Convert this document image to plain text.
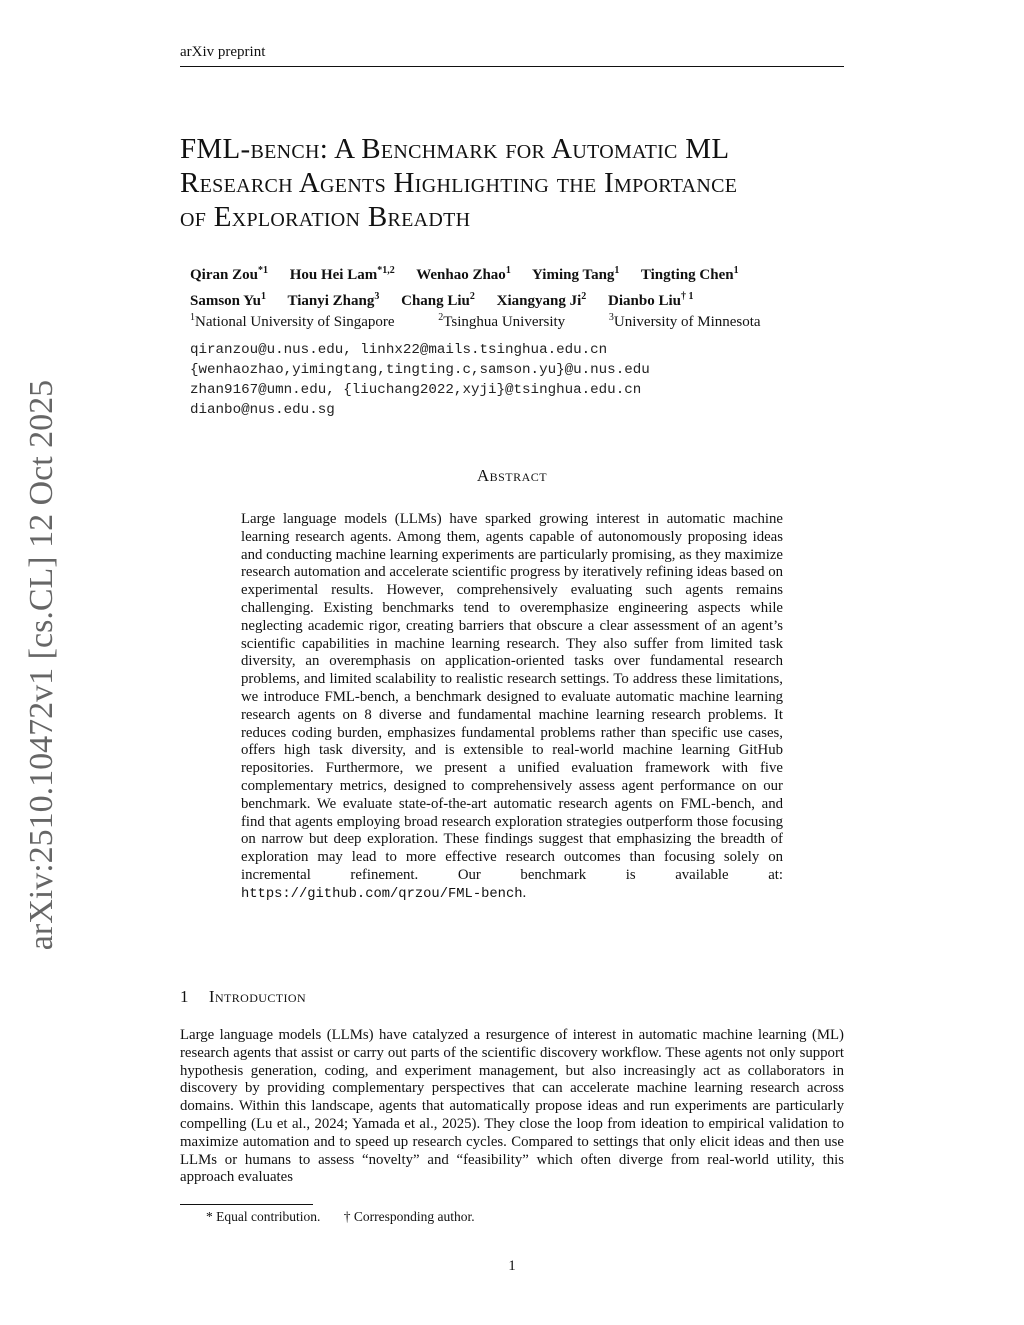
arXiv preprint
arXiv:2510.10472v1 [cs.CL] 12 Oct 2025
FML-bench: A Benchmark for Automatic ML
Research Agents Highlighting the Importance
of Exploration Breadth
Qiran Zou$^{*1}$ Hou Hei Lam$^{*1,2}$ Wenhao Zhao$^1$ Yiming Tang$^1$ Tingting Chen$^1$
Samson Yu$^1$ Tianyi Zhang$^3$ Chang Liu$^2$ Xiangyang Ji$^2$ Dianbo Liu$^{\dagger 1}$
$^1$National University of Singapore	$^2$Tsinghua University	$^3$University of Minnesota
qiranzou@u.nus.edu, linhx22@mails.tsinghua.edu.cn
{wenhaozhao,yimingtang,tingting.c,samson.yu}@u.nus.edu
zhan9167@umn.edu, {liuchang2022,xyji}@tsinghua.edu.cn
dianbo@nus.edu.sg
Abstract
Large language models (LLMs) have sparked growing interest in automatic machine learning research agents. Among them, agents capable of autonomously proposing ideas and conducting machine learning experiments are particularly promising, as they maximize research automation and accelerate scientific progress by iteratively refining ideas based on experimental results. However, comprehensively evaluating such agents remains challenging. Existing benchmarks tend to overemphasize engineering aspects while neglecting academic rigor, creating barriers that obscure a clear assessment of an agent’s scientific capabilities in machine learning research. They also suffer from limited task diversity, an overemphasis on application-oriented tasks over fundamental research problems, and limited scalability to realistic research settings. To address these limitations, we introduce FML-bench, a benchmark designed to evaluate automatic machine learning research agents on 8 diverse and fundamental machine learning research problems. It reduces coding burden, emphasizes fundamental problems rather than specific use cases, offers high task diversity, and is extensible to real-world machine learning GitHub repositories. Furthermore, we present a unified evaluation framework with five complementary metrics, designed to comprehensively assess agent performance on our benchmark. We evaluate state-of-the-art automatic research agents on FML-bench, and find that agents employing broad research exploration strategies outperform those focusing on narrow but deep exploration. These findings suggest that emphasizing the breadth of exploration may lead to more effective research outcomes than focusing solely on incremental refinement. Our benchmark is available at: https://github.com/qrzou/FML-bench.
1 Introduction
Large language models (LLMs) have catalyzed a resurgence of interest in automatic machine learning (ML) research agents that assist or carry out parts of the scientific discovery workflow. These agents not only support hypothesis generation, coding, and experiment management, but also increasingly act as collaborators in discovery by providing complementary perspectives that can accelerate machine learning research across domains. Within this landscape, agents that automatically propose ideas and run experiments are particularly compelling (Lu et al., 2024; Yamada et al., 2025). They close the loop from ideation to empirical validation to maximize automation and to speed up research cycles. Compared to settings that only elicit ideas and then use LLMs or humans to assess “novelty” and “feasibility” which often diverge from real-world utility, this approach evaluates
* Equal contribution. † Corresponding author.
1
